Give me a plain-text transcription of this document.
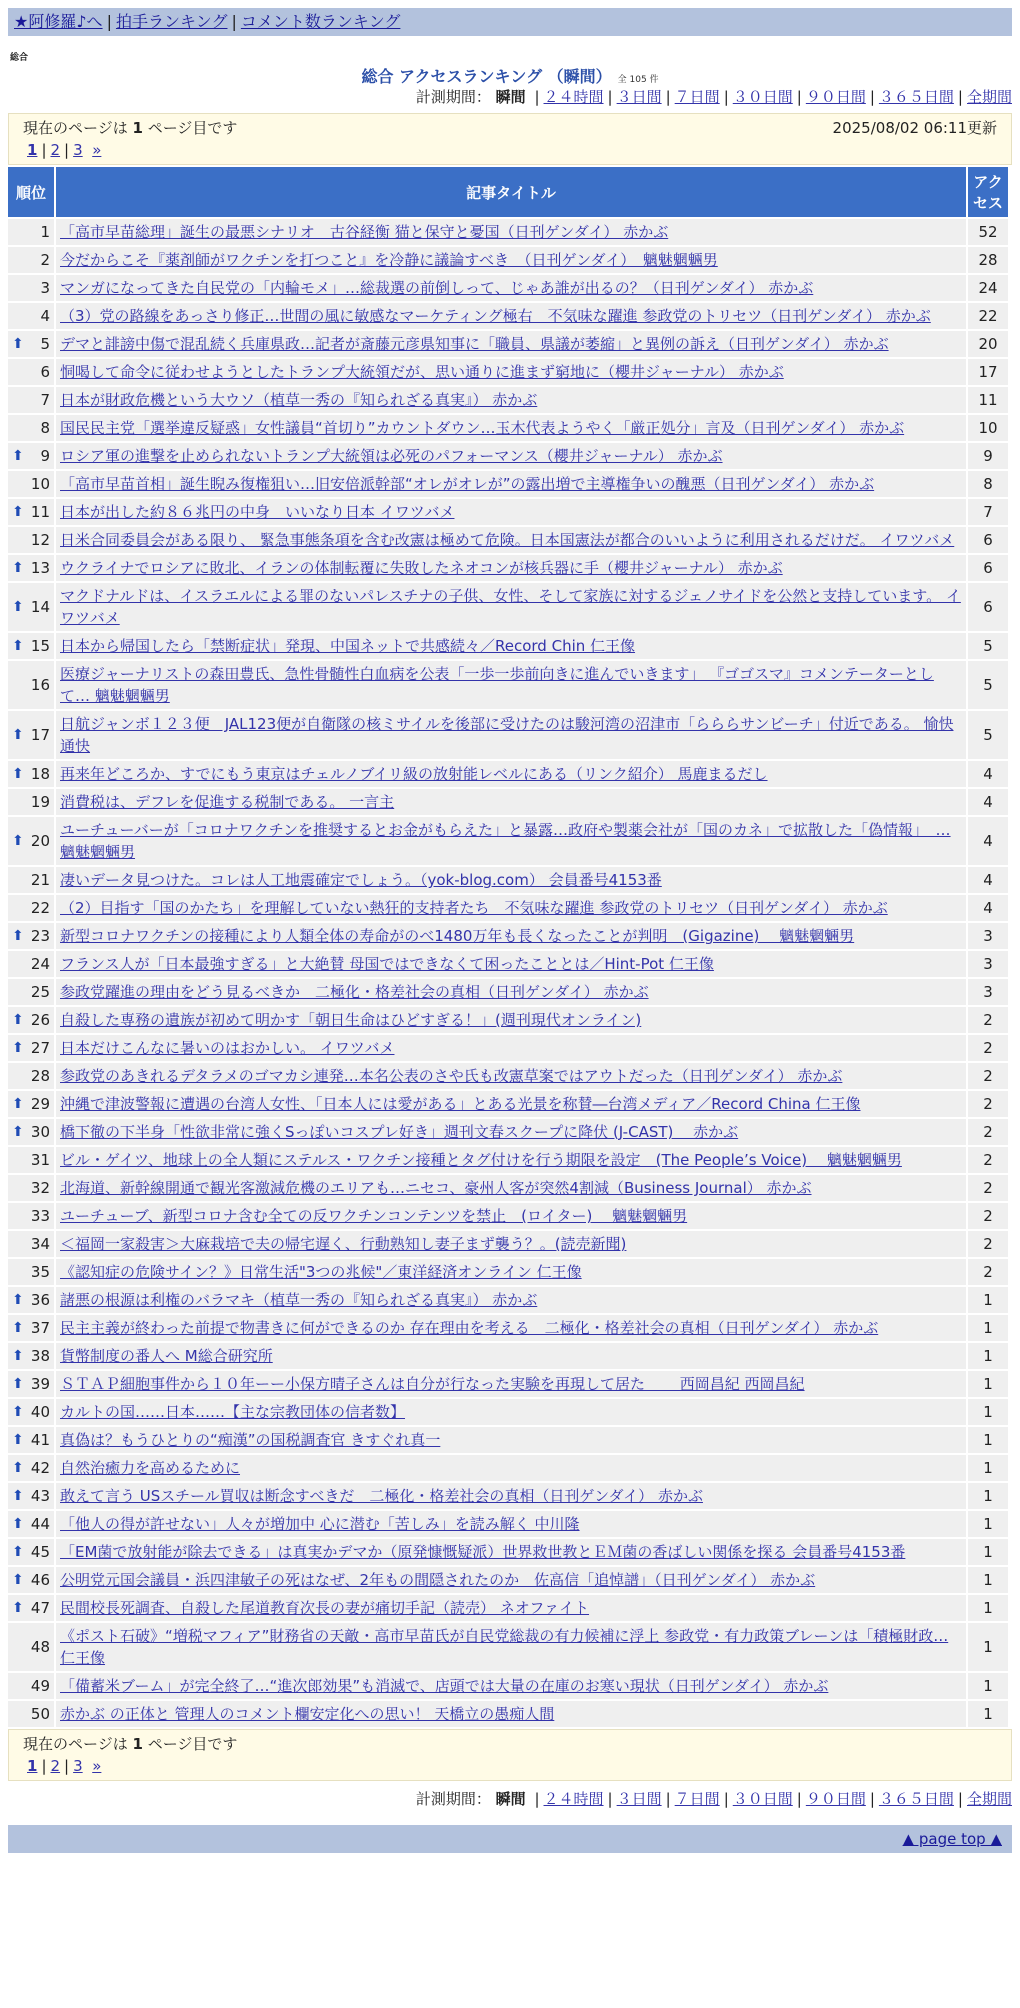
★阿修羅♪へ | 拍手ランキング | コメント数ランキング
総合
総合 アクセスランキング （瞬間） 全 105 件
計測期間： 瞬間 | ２４時間 | ３日間 | ７日間 | ３０日間 | ９０日間 | ３６５日間 | 全期間
現在のページは 1 ページ目です	2025/08/02 06:11更新
1 | 2 | 3 »
順位	記事タイトル	アクセス
1	「高市早苗総理」誕生の最悪シナリオ　古谷経衡 猫と保守と憂国（日刊ゲンダイ） 赤かぶ	52
2	今だからこそ『薬剤師がワクチンを打つこと』を冷静に議論すべき　（日刊ゲンダイ）　魑魅魍魎男	28
3	マンガになってきた自民党の「内輪モメ」…総裁選の前倒しって、じゃあ誰が出るの？（日刊ゲンダイ） 赤かぶ	24
4	（3）党の路線をあっさり修正…世間の風に敏感なマーケティング極右　不気味な躍進 参政党のトリセツ（日刊ゲンダイ） 赤かぶ	22

⬆ 5	デマと誹謗中傷で混乱続く兵庫県政…記者が斎藤元彦県知事に「職員、県議が萎縮」と異例の訴え（日刊ゲンダイ） 赤かぶ	20
6	恫喝して命令に従わせようとしたトランプ大統領だが、思い通りに進まず窮地に（櫻井ジャーナル） 赤かぶ	17
7	日本が財政危機という大ウソ（植草一秀の『知られざる真実』） 赤かぶ	11
8	国民民主党「選挙違反疑惑」女性議員“首切り”カウントダウン…玉木代表ようやく「厳正処分」言及（日刊ゲンダイ） 赤かぶ	10

⬆ 9	ロシア軍の進撃を止められないトランプ大統領は必死のパフォーマンス（櫻井ジャーナル） 赤かぶ	9
10	「高市早苗首相」誕生睨み復権狙い…旧安倍派幹部“オレがオレが”の露出増で主導権争いの醜悪（日刊ゲンダイ） 赤かぶ	8

⬆ 11	日本が出した約８６兆円の中身　いいなり日本 イワツバメ	7
12	日米合同委員会がある限り、 緊急事態条項を含む改憲は極めて危険。日本国憲法が都合のいいように利用されるだけだ。 イワツバメ	6

⬆ 13	ウクライナでロシアに敗北、イランの体制転覆に失敗したネオコンが核兵器に手（櫻井ジャーナル） 赤かぶ	6

⬆ 14	マクドナルドは、イスラエルによる罪のないパレスチナの子供、女性、そして家族に対するジェノサイドを公然と支持しています。 イワツバメ	6

⬆ 15	日本から帰国したら「禁断症状」発現、中国ネットで共感続々／Record Chin 仁王像	5
16	医療ジャーナリストの森田豊氏、急性骨髄性白血病を公表「一歩一歩前向きに進んでいきます」 『ゴゴスマ』コメンテーターとして… 魑魅魍魎男	5

⬆ 17	日航ジャンボ１２３便　JAL123便が自衛隊の核ミサイルを後部に受けたのは駿河湾の沼津市「らららサンビーチ」付近である。 愉快通快	5

⬆ 18	再来年どころか、すでにもう東京はチェルノブイリ級の放射能レベルにある（リンク紹介） 馬鹿まるだし	4
19	消費税は、デフレを促進する税制である。 一言主	4

⬆ 20	ユーチューバーが「コロナワクチンを推奨するとお金がもらえた」と暴露…政府や製薬会社が「国のカネ」で拡散した「偽情報」　… 魑魅魍魎男	4
21	凄いデータ見つけた。コレは人工地震確定でしょう。（yok-blog.com） 会員番号4153番	4
22	（2）目指す「国のかたち」を理解していない熱狂的支持者たち　不気味な躍進 参政党のトリセツ（日刊ゲンダイ） 赤かぶ	4

⬆ 23	新型コロナワクチンの接種により人類全体の寿命がのべ1480万年も長くなったことが判明　(Gigazine)　 魑魅魍魎男	3
24	フランス人が「日本最強すぎる」と大絶賛 母国ではできなくて困ったこととは／Hint-Pot 仁王像	3
25	参政党躍進の理由をどう見るべきか　二極化・格差社会の真相（日刊ゲンダイ） 赤かぶ	3

⬆ 26	自殺した専務の遺族が初めて明かす「朝日生命はひどすぎる！」(週刊現代オンライン)	2

⬆ 27	日本だけこんなに暑いのはおかしい。 イワツバメ	2
28	参政党のあきれるデタラメのゴマカシ連発…本名公表のさや氏も改憲草案ではアウトだった（日刊ゲンダイ） 赤かぶ	2

⬆ 29	沖縄で津波警報に遭遇の台湾人女性、「日本人には愛がある」とある光景を称賛―台湾メディア／Record China 仁王像	2

⬆ 30	橋下徹の下半身「性欲非常に強くSっぽいコスプレ好き」週刊文春スクープに降伏 (J-CAST)　 赤かぶ	2
31	ビル・ゲイツ、地球上の全人類にステルス・ワクチン接種とタグ付けを行う期限を設定　(The People’s Voice)　 魑魅魍魎男	2
32	北海道、新幹線開通で観光客激減危機のエリアも…ニセコ、豪州人客が突然4割減（Business Journal） 赤かぶ	2
33	ユーチューブ、新型コロナ含む全ての反ワクチンコンテンツを禁止　(ロイター)　 魑魅魍魎男	2
34	＜福岡一家殺害＞大麻栽培で夫の帰宅遅く、行動熟知し妻子まず襲う？。(読売新聞)	2
35	《認知症の危険サイン？》日常生活"3つの兆候"／東洋経済オンライン 仁王像	2

⬆ 36	諸悪の根源は利権のバラマキ（植草一秀の『知られざる真実』） 赤かぶ	1

⬆ 37	民主主義が終わった前提で物書きに何ができるのか 存在理由を考える　二極化・格差社会の真相（日刊ゲンダイ） 赤かぶ	1

⬆ 38	貨幣制度の番人へ M総合研究所	1

⬆ 39	ＳＴＡＰ細胞事件から１０年ーー小保方晴子さんは自分が行なった実験を再現して居た　　 西岡昌紀 西岡昌紀	1

⬆ 40	カルトの国……日本……【主な宗教団体の信者数】	1

⬆ 41	真偽は？もうひとりの“痴漢”の国税調査官 きすぐれ真一	1

⬆ 42	自然治癒力を高めるために	1

⬆ 43	敢えて言う USスチール買収は断念すべきだ　二極化・格差社会の真相（日刊ゲンダイ） 赤かぶ	1

⬆ 44	「他人の得が許せない」人々が増加中 心に潜む「苦しみ」を読み解く 中川隆	1

⬆ 45	「EM菌で放射能が除去できる」は真実かデマか（原発慷慨疑派）世界救世教とＥＭ菌の香ばしい関係を探る 会員番号4153番	1

⬆ 46	公明党元国会議員・浜四津敏子の死はなぜ、2年もの間隠されたのか　佐高信「追悼譜」（日刊ゲンダイ） 赤かぶ	1

⬆ 47	民間校長死調査、自殺した尾道教育次長の妻が痛切手記（読売） ネオファイト	1
48	《ポスト石破》“増税マフィア”財務省の天敵・高市早苗氏が自民党総裁の有力候補に浮上 参政党・有力政策ブレーンは「積極財政… 仁王像	1
49	「備蓄米ブーム」が完全終了…“進次郎効果”も消滅で、店頭では大量の在庫のお寒い現状（日刊ゲンダイ） 赤かぶ	1
50	赤かぶ の正体と 管理人のコメント欄安定化への思い！ 天橋立の愚痴人間	1
現在のページは 1 ページ目です
1 | 2 | 3 »
計測期間： 瞬間 | ２４時間 | ３日間 | ７日間 | ３０日間 | ９０日間 | ３６５日間 | 全期間
▲ page top ▲
